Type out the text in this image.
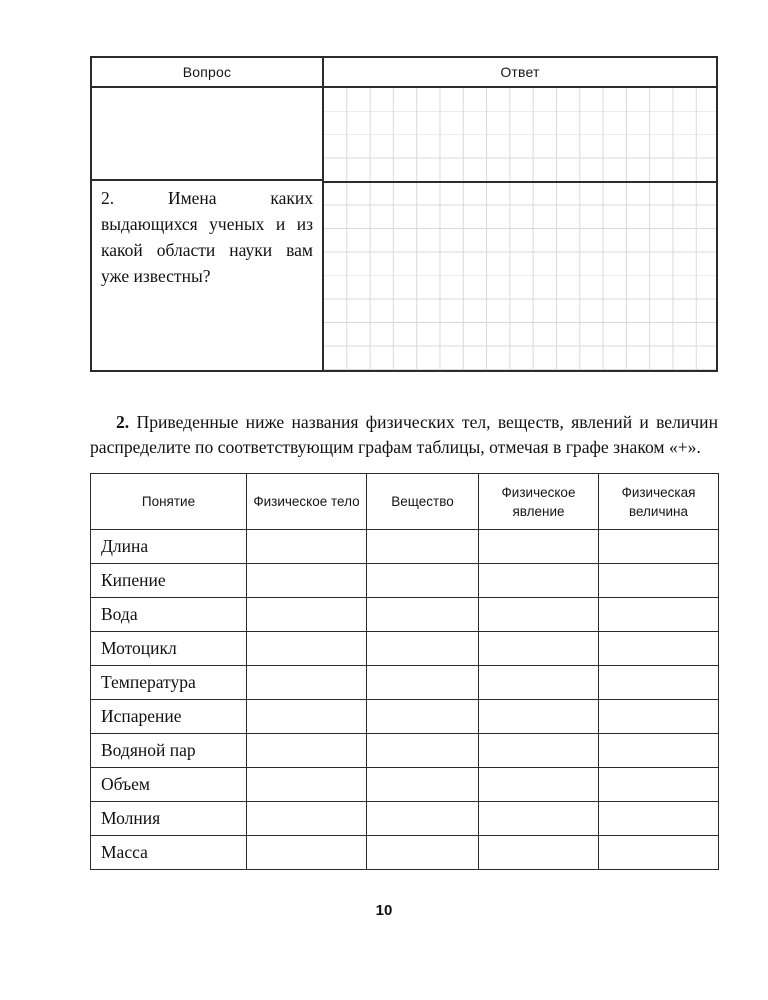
Вопрос	Ответ
2. Имена каких выдающихся ученых и из какой области науки вам уже известны?

2. Приведенные ниже названия физических тел, веществ, явлений и величин распределите по соответствующим графам таблицы, отмечая в графе знаком «+».

Понятие	Физическое тело	Вещество	Физическое явление	Физическая величина
Длина				
Кипение				
Вода				
Мотоцикл				
Температура				
Испарение				
Водяной пар				
Объем				
Молния				
Масса				
10
